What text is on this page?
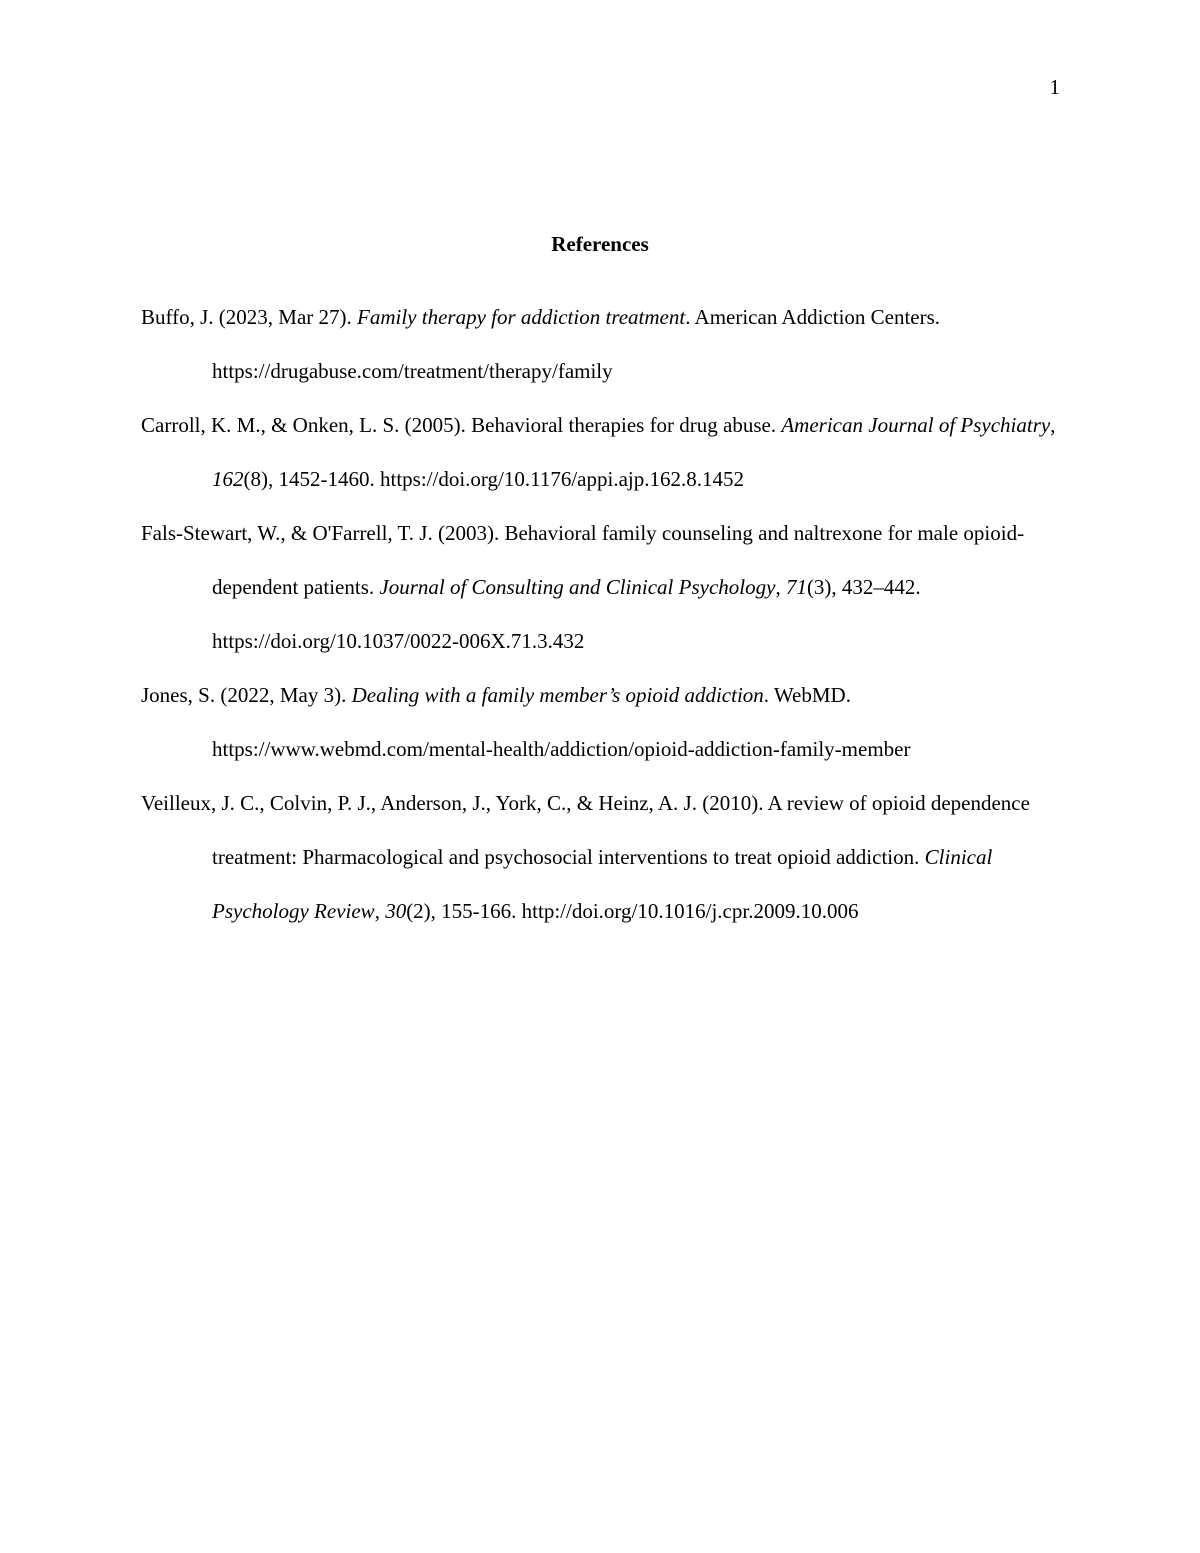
1
References
Buffo, J. (2023, Mar 27). Family therapy for addiction treatment. American Addiction Centers. https://drugabuse.com/treatment/therapy/family
Carroll, K. M., & Onken, L. S. (2005). Behavioral therapies for drug abuse. American Journal of Psychiatry, 162(8), 1452-1460. https://doi.org/10.1176/appi.ajp.162.8.1452
Fals-Stewart, W., & O'Farrell, T. J. (2003). Behavioral family counseling and naltrexone for male opioid-dependent patients. Journal of Consulting and Clinical Psychology, 71(3), 432–442. https://doi.org/10.1037/0022-006X.71.3.432
Jones, S. (2022, May 3). Dealing with a family member’s opioid addiction. WebMD. https://www.webmd.com/mental-health/addiction/opioid-addiction-family-member
Veilleux, J. C., Colvin, P. J., Anderson, J., York, C., & Heinz, A. J. (2010). A review of opioid dependence treatment: Pharmacological and psychosocial interventions to treat opioid addiction. Clinical Psychology Review, 30(2), 155-166. http://doi.org/10.1016/j.cpr.2009.10.006
